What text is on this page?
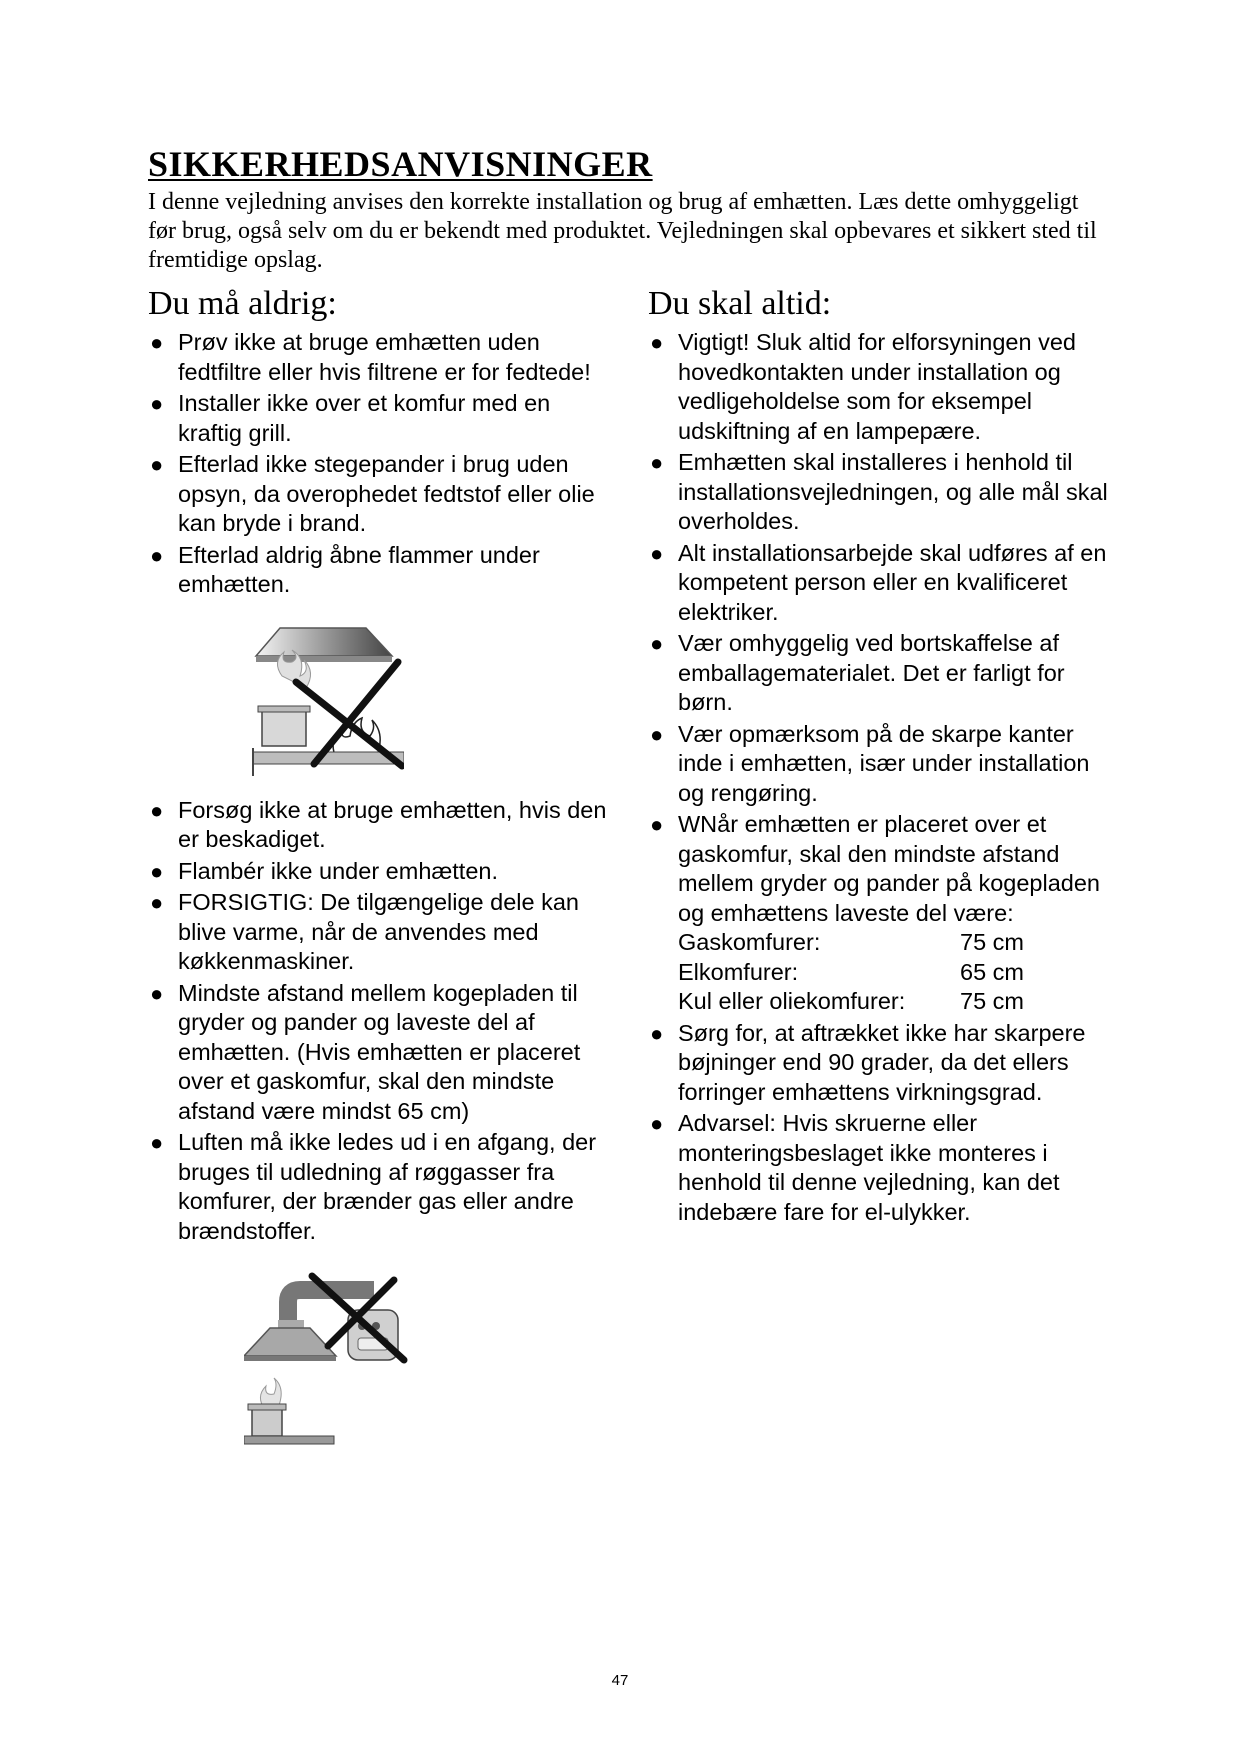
SIKKERHEDSANVISNINGER

I denne vejledning anvises den korrekte installation og brug af emhætten. Læs dette omhyggeligt før brug, også selv om du er bekendt med produktet. Vejledningen skal opbevares et sikkert sted til fremtidige opslag.

Du må aldrig:
● Prøv ikke at bruge emhætten uden fedtfiltre eller hvis filtrene er for fedtede!
● Installer ikke over et komfur med en kraftig grill.
● Efterlad ikke stegepander i brug uden opsyn, da overophedet fedtstof eller olie kan bryde i brand.
● Efterlad aldrig åbne flammer under emhætten.
● Forsøg ikke at bruge emhætten, hvis den er beskadiget.
● Flambér ikke under emhætten.
● FORSIGTIG: De tilgængelige dele kan blive varme, når de anvendes med køkkenmaskiner.
● Mindste afstand mellem kogepladen til gryder og pander og laveste del af emhætten. (Hvis emhætten er placeret over et gaskomfur, skal den mindste afstand være mindst 65 cm)
● Luften må ikke ledes ud i en afgang, der bruges til udledning af røggasser fra komfurer, der brænder gas eller andre brændstoffer.
Du skal altid:
● Vigtigt! Sluk altid for elforsyningen ved hovedkontakten under installation og vedligeholdelse som for eksempel udskiftning af en lampepære.
● Emhætten skal installeres i henhold til installationsvejledningen, og alle mål skal overholdes.
● Alt installationsarbejde skal udføres af en kompetent person eller en kvalificeret elektriker.
● Vær omhyggelig ved bortskaffelse af emballagematerialet. Det er farligt for børn.
● Vær opmærksom på de skarpe kanter inde i emhætten, især under installation og rengøring.
● WNår emhætten er placeret over et gaskomfur, skal den mindste afstand mellem gryder og pander på kogepladen og emhættens laveste del være:
Gaskomfurer:	75 cm
Elkomfurer:	65 cm
Kul eller oliekomfurer:	75 cm
● Sørg for, at aftrækket ikke har skarpere bøjninger end 90 grader, da det ellers forringer emhættens virkningsgrad.
● Advarsel: Hvis skruerne eller monteringsbeslaget ikke monteres i henhold til denne vejledning, kan det indebære fare for el-ulykker.
47
